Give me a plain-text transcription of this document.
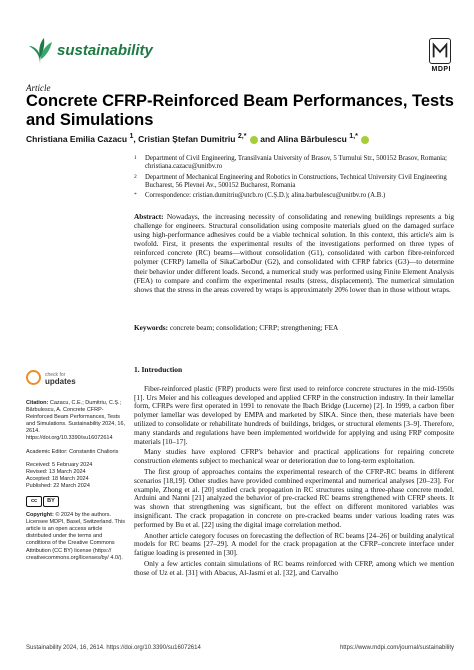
sustainability
MDPI
Article
Concrete CFRP-Reinforced Beam Performances, Tests and Simulations
Christiana Emilia Cazacu $^1$, Cristian Ștefan Dumitriu $^{2,*}$ and Alina Bărbulescu $^{1,*}$
1 Department of Civil Engineering, Transilvania University of Brasov, 5 Turnului Str., 500152 Brasov, Romania; christiana.cazacu@unitbv.ro
2 Department of Mechanical Engineering and Robotics in Constructions, Technical University Civil Engineering Bucharest, 56 Plevnei Av., 500152 Bucharest, Romania
* Correspondence: cristian.dumitriu@utcb.ro (C.Ș.D.); alina.barbulescu@unitbv.ro (A.B.)
Abstract: Nowadays, the increasing necessity of consolidating and renewing buildings represents a big challenge for engineers. Structural consolidation using composite materials glued on the damaged surface using high-performance adhesives could be a viable technical solution. In this context, this article's aim is twofold. First, it presents the experimental results of the investigations performed on three types of reinforced concrete (RC) beams—without consolidation (G1), consolidated with carbon fibre-reinforced polymer (CFRP) lamella of SikaCarboDur (G2), and consolidated with CFRP fabrics (G3)—to determine their behavior under different loads. Second, a numerical study was performed using Finite Element Analysis (FEA) to compare and confirm the experimental results (stress, displacement). The numerical simulation shows that the stress in the areas covered by wraps is approximately 20% lower than in those without wraps.
Keywords: concrete beam; consolidation; CFRP; strengthening; FEA
check for
updates
Citation: Cazacu, C.E.; Dumitriu, C.Ș.; Bărbulescu, A. Concrete CFRP-Reinforced Beam Performances, Tests and Simulations. Sustainability 2024, 16, 2614. https://doi.org/10.3390/su16072614
Academic Editor: Constantin Chalioris
Received: 5 February 2024
Revised: 13 March 2024
Accepted: 18 March 2024
Published: 22 March 2024
cc	BY
Copyright: © 2024 by the authors. Licensee MDPI, Basel, Switzerland. This article is an open access article distributed under the terms and conditions of the Creative Commons Attribution (CC BY) license (https:// creativecommons.org/licenses/by/ 4.0/).
1. Introduction

Fiber-reinforced plastic (FRP) products were first used to reinforce concrete structures in the mid-1950s [1]. Urs Meier and his colleagues developed and applied CFRP in the construction industry. In their lamellar form, CFRPs were first operated in 1991 to renovate the Ibach Bridge (Lucerne) [2]. In 1999, a carbon fiber polymer lamellar was developed by EMPA and marketed by SIKA. Since then, these materials have been utilized to consolidate or rehabilitate hundreds of buildings, bridges, or structural elements [3–9]. Therefore, many standards and regulations have been implemented worldwide for applying and using FRP composite materials [10–17].

Many studies have explored CFRP's behavior and practical applications for repairing concrete construction elements subject to mechanical wear or deterioration due to long-term exploitation.

The first group of approaches contains the experimental research of the CFRP-RC beams in different scenarios [18,19]. Other studies have provided combined experimental and numerical analyses [20–23]. For example, Zhong et al. [20] studied crack propagation in RC structures using a three-phase concrete model. Arduini and Nanni [21] analyzed the behavior of pre-cracked RC beams strengthened with CFRP sheets. It was shown that strengthening was significant, but the effect on different monitored variables was insignificant. The crack propagation in concrete on pre-cracked beams under various loading rates was performed by Bu et al. [22] using the digital image correlation method.

Another article category focuses on forecasting the deflection of RC beams [24–26] or building analytical models for RC beams [27–29]. A model for the crack propagation at the CFRP–concrete interface under fatigue loading is presented in [30].

Only a few articles contain simulations of RC beams reinforced with CFRP, among which we mention those of Uz et al. [31] with Abacus, Al-Jasmi et al. [32], and Carvalho

Sustainability 2024, 16, 2614. https://doi.org/10.3390/su16072614	https://www.mdpi.com/journal/sustainability
